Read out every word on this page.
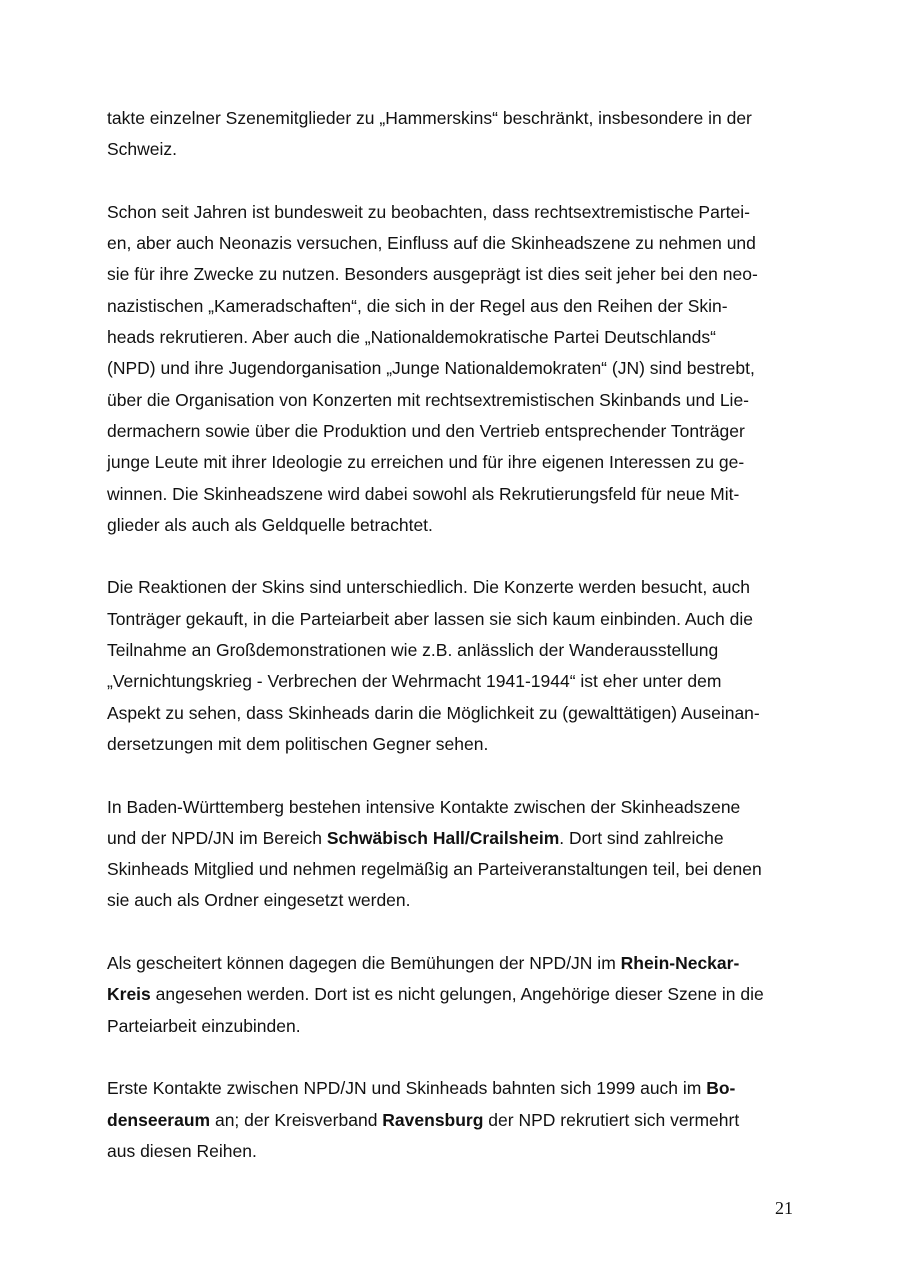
takte einzelner Szenemitglieder zu „Hammerskins“ beschränkt, insbesondere in der
Schweiz.

Schon seit Jahren ist bundesweit zu beobachten, dass rechtsextremistische Partei-
en, aber auch Neonazis versuchen, Einfluss auf die Skinheadszene zu nehmen und
sie für ihre Zwecke zu nutzen. Besonders ausgeprägt ist dies seit jeher bei den neo-
nazistischen „Kameradschaften“, die sich in der Regel aus den Reihen der Skin-
heads rekrutieren. Aber auch die „Nationaldemokratische Partei Deutschlands“
(NPD) und ihre Jugendorganisation „Junge Nationaldemokraten“ (JN) sind bestrebt,
über die Organisation von Konzerten mit rechtsextremistischen Skinbands und Lie-
dermachern sowie über die Produktion und den Vertrieb entsprechender Tonträger
junge Leute mit ihrer Ideologie zu erreichen und für ihre eigenen Interessen zu ge-
winnen. Die Skinheadszene wird dabei sowohl als Rekrutierungsfeld für neue Mit-
glieder als auch als Geldquelle betrachtet.

Die Reaktionen der Skins sind unterschiedlich. Die Konzerte werden besucht, auch
Tonträger gekauft, in die Parteiarbeit aber lassen sie sich kaum einbinden. Auch die
Teilnahme an Großdemonstrationen wie z.B. anlässlich der Wanderausstellung
„Vernichtungskrieg - Verbrechen der Wehrmacht 1941-1944“ ist eher unter dem
Aspekt zu sehen, dass Skinheads darin die Möglichkeit zu (gewalttätigen) Auseinan-
dersetzungen mit dem politischen Gegner sehen.

In Baden-Württemberg bestehen intensive Kontakte zwischen der Skinheadszene
und der NPD/JN im Bereich Schwäbisch Hall/Crailsheim. Dort sind zahlreiche
Skinheads Mitglied und nehmen regelmäßig an Parteiveranstaltungen teil, bei denen
sie auch als Ordner eingesetzt werden.

Als gescheitert können dagegen die Bemühungen der NPD/JN im Rhein-Neckar-
Kreis angesehen werden. Dort ist es nicht gelungen, Angehörige dieser Szene in die
Parteiarbeit einzubinden.

Erste Kontakte zwischen NPD/JN und Skinheads bahnten sich 1999 auch im Bo-
denseeraum an; der Kreisverband Ravensburg der NPD rekrutiert sich vermehrt
aus diesen Reihen.

21
